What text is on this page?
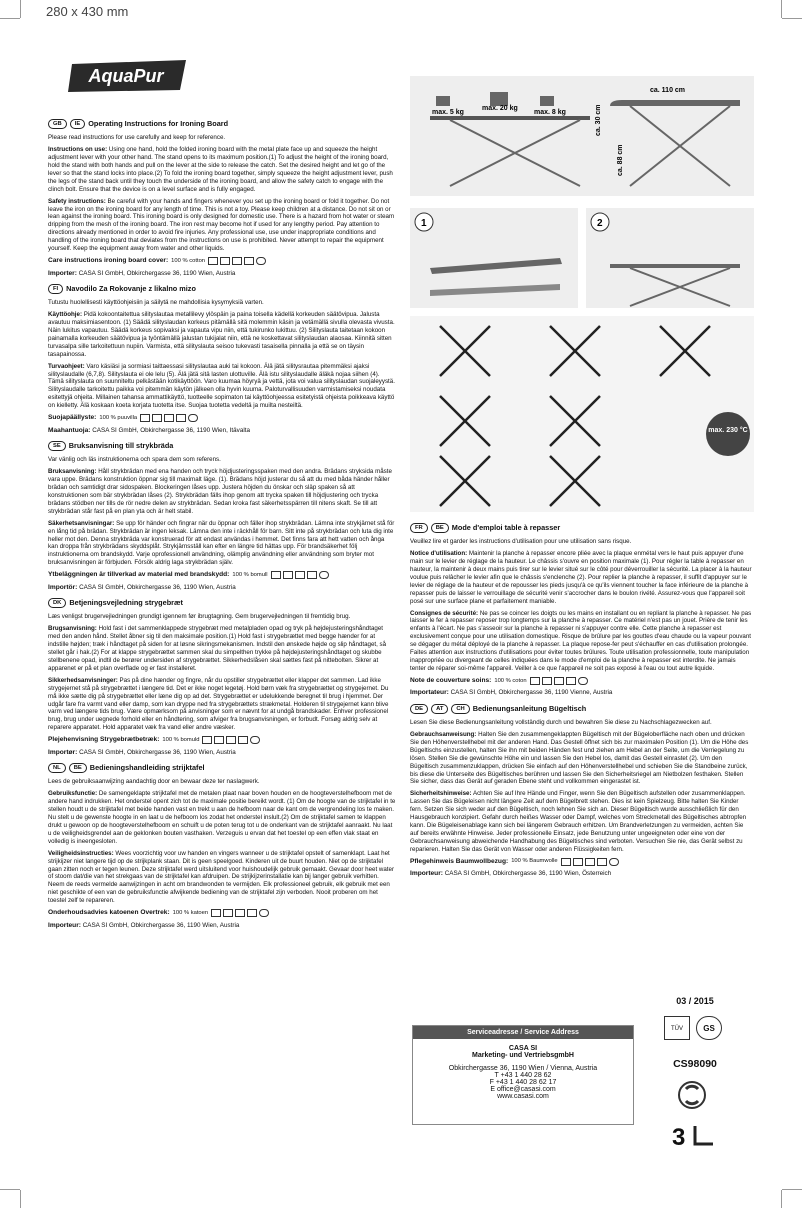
280 x 430 mm
AquaPur
GB	IE	Operating Instructions for Ironing Board

Please read instructions for use carefully and keep for reference.

Instructions on use: Using one hand, hold the folded ironing board with the metal plate face up and squeeze the height adjustment lever with your other hand. The stand opens to its maximum position.(1) To adjust the height of the ironing board, hold the stand with both hands and pull on the lever at the side to release the catch. Set the desired height and let go of the lever so that the stand locks into place.(2) To fold the ironing board together, simply squeeze the height adjustment lever, push the legs of the stand back until they touch the underside of the ironing board, and allow the safety catch to engage with the clinch bolt. Ensure that the device is on a level surface and is fully engaged.

Safety instructions: Be careful with your hands and fingers whenever you set up the ironing board or fold it together. Do not leave the iron on the ironing board for any length of time. This is not a toy. Please keep children at a distance. Do not sit on or lean against the ironing board. This ironing board is only designed for domestic use. There is a hazard from hot water or steam dripping from the mesh of the ironing board. The iron rest may become hot if used for any lengthy period. Pay attention to directions already mentioned in order to avoid fire injuries. Any professional use, use under inappropriate conditions and handling of the ironing board that deviates from the instructions on use is prohibited. Never attempt to repair the equipment yourself. Keep the equipment away from water and other liquids.

Care instructions ironing board cover: 100 % cotton
Importer: CASA SI GmbH, Obkirchergasse 36, 1190 Wien, Austria
FI	Navodilo Za Rokovanje z likalno mizo

Tutustu huolellisesti käyttöohjeisiin ja säilytä ne mahdollisia kysymyksiä varten.

Käyttöohje: Pidä kokoontaitettua silityslautaa metallilevy ylöspäin ja paina toisella kädellä korkeuden säätövipua. Jalusta avautuu maksimiasentoon. (1) Säädä silityslaudan korkeus pitämällä sitä molemmin käsin ja vetämällä sivulla olevasta vivusta. Näin lukitus vapautuu. Säädä korkeus sopivaksi ja vapauta vipu niin, että tukirunko lukittuu. (2) Silityslauta taitetaan kokoon painamalla korkeuden säätövipua ja työntämällä jalustan tukijalat niin, että ne koskettavat silityslaudan alaosaa. Kiinnitä sitten turvasalpa sille tarkoitettuun nupiin. Varmista, että silityslauta seisoo tukevasti tasaisella pinnalla ja että se on täysin tasapainossa.

Turvaohjeet: Varo käsiäsi ja sormiasi taittaessasi silityslautaa auki tai kokoon. Älä jätä silitysrautaa pitemmäksi ajaksi silityslaudalle (6,7,8). Silityslauta ei ole lelu (5). Älä jätä sitä lasten ulottuville. Älä istu silityslaudalle äläkä nojaa siihen (4). Tämä silityslauta on suunniteltu pelkästään kotikäyttöön. Varo kuumaa höyryä ja vettä, jota voi valua silityslaudan suojaleyystä. Silityslaudalle tarkoitettu paikka voi pitemmän käytön jälkeen olla hyvin kuuma. Paloturvallisuuden varmistamiseksi noudata esitettyjä ohjeita. Millainen tahansa ammattikäyttö, tuotteelle sopimaton tai käyttöohjeessa esitetyistä ohjeista poikkeava käyttö on kielletty. Älä koskaan koeta korjata tuotetta itse. Suojaa tuotetta vedeltä ja muilta nesteiltä.

Suojapäällyste: 100 % puuvilla
Maahantuoja: CASA SI GmbH, Obkirchergasse 36, 1190 Wien, Itävalta
SE	Bruksanvisning till strykbräda

Var vänlig och läs instruktionerna och spara dem som referens.

Bruksanvisning: Håll strykbrädan med ena handen och tryck höjdjusteringsspaken med den andra. Brädans stryksida måste vara uppe. Brädans konstruktion öppnar sig till maximalt läge. (1). Brädans höjd justerar du så att du med båda händer håller brädan och samtidigt drar sidospaken. Blockeringen låses upp. Justera höjden du önskar och släp spaken så att konstruktionen som bär strykbrädan låses (2). Strykbrädan fälls ihop genom att trycka spaken till höjdjustering och trycka brädans stödben ner tills de rör nedre delen av strykbrädan. Sedan kroka fast säkerhetsspärren till nitens skaft. Se till att strykbrädan står fast på en plan yta och är helt stabil.

Säkerhetsanvisningar: Se upp för händer och fingrar när du öppnar och fäller ihop strykbrädan. Lämna inte strykjärnet stå för en lång tid på brädan. Strykbrädan är ingen leksak. Lämna den inte i räckhåll för barn. Sitt inte på strykbrädan och luta dig inte heller mot den. Denna strykbräda var konstruerad för att endast användas i hemmet. Det finns fara att hett vatten och ånga kan droppa från strykbrädans skyddsplåt. Strykjärnsställ kan efter en längre tid hättas upp. För brandsäkerhet följ instruktionerna om brandskydd. Varje oprofessionell användning, olämplig användning eller användning som bryter mot bruksanvisningen är förbjuden. Försök aldrig laga strykbrädan själv.

Ytbeläggningen är tillverkad av material med brandskydd: 100 % bomull
Importör: CASA SI GmbH, Obkirchergasse 36, 1190 Wien, Austria
DK	Betjeningsvejledning strygebræt

Læs venligst brugervejledningen grundigt igennem før ibrugtagning. Gem brugervejledningen til fremtidig brug.

Brugsanvisning: Hold fast i det sammenklappede strygebræt med metalpladen opad og tryk på højdejusteringshåndtaget med den anden hånd. Stellet åbner sig til den maksimale position.(1) Hold fast i strygebrættet med begge hænder for at indstille højden; træk i håndtaget på siden for at løsne sikringsmekanismen. Indstil den ønskede højde og slip håndtaget, så stellet går i hak.(2) For at klappe strygebrættet sammen skal du simpelthen trykke på højdejusteringshåndtaget og skubbe stellbenene opad, indtil de berører undersiden af strygebrættet. Sikkerhedslåsen skal sættes fast på nittebolten. Sikrer at apparenet er på et plan overflade og er fast installeret.

Sikkerhedsanvisninger: Pas på dine hænder og fingre, når du opstiller strygebrættet eller klapper det sammen. Lad ikke strygejernet stå på strygebrættet i længere tid. Det er ikke noget legetøj. Hold børn væk fra strygebrættet og strygejernet. Du må ikke sætte dig på strygebrættet eller læne dig op ad det. Strygebrættet er udelukkende beregnet til brug i hjemmet. Der udgår fare fra varmt vand eller damp, som kan dryppe ned fra strygebrættets strækmetal. Holderen til strygejernet kann blive varm ved længere tids brug. Være opmærksom på anvisninger som er nævnt for at undgå brandskader. Enhver professionel brug, brug under uegnede forhold eller en håndtering, som afviger fra brugsanvisningen, er forbudt. Forsøg aldrig selv at reparere apparatet. Hold apparatet væk fra vand eller andre væsker.

Plejehenvisning Strygebrætbetræk: 100 % bomuld
Importør: CASA SI GmbH, Obkirchergasse 36, 1190 Wien, Austria
NL	BE	Bedieningshandleiding strijktafel

Lees de gebruiksaanwijzing aandachtig door en bewaar deze ter naslagwerk.

Gebruiksfunctie: De samengeklapte strijktafel met de metalen plaat naar boven houden en de hoogteverstelhefboom met de andere hand indrukken. Het onderstel opent zich tot de maximale positie bereikt wordt. (1) Om de hoogte van de strijktafel in te stellen houdt u de strijktafel met beide handen vast en trekt u aan de hefboom naar de kant om de vergrendeling los te maken. Nu stelt u de gewenste hoogte in en laat u de hefboom los zodat het onderstel inslult.(2) Om de strijktafel samen te klappen drukt u gewoon op de hoogteverstelhefboom en schuift u de poten terug tot u de onderkant van de strijktafel aanraakt. Nu laat u de veiligheidsgrendel aan de geklonken bouten vasthaken. Verzeguis u ervan dat het toestel op een effen vlak staat en volledig is ineengesloten.

Veiligheidsinstructies: Wees voorzichtig voor uw handen en vingers wanneer u de strijktafel opstelt of samenklapt. Laat het strijkijzer niet langere tijd op de strijkplank staan. Dit is geen speelgoed. Kinderen uit de buurt houden. Niet op de strijktafel gaan zitten noch er tegen leunen. Deze strijktafel werd uitsluitend voor huishoudelijk gebruik gemaakt. Gevaar door heet water of stoom dat/die van het strekgaas van de strijktafel kan afdruipen. De strijkijzerinstallatie kan bij langer gebruik verhitten. Neem de reeds vermelde aanwijzingen in acht om brandwonden te vermijden. Elk professioneel gebruik, elk gebruik met een niet geschikte of een van de gebruiksfunctie afwijkende bediening van de strijktafel zijn verboden. Nooit proberen om het toestel zelf te repareren.

Onderhoudsadvies katoenen Overtrek: 100 % katoen
Importeur: CASA SI GmbH, Obkirchergasse 36, 1190 Wien, Austria
FR	BE	Mode d'emploi table à repasser

Veuillez lire et garder les instructions d'utilisation pour une utilisation sans risque.

Notice d'utilisation: Maintenir la planche à repasser encore pliée avec la plaque enmétal vers le haut puis appuyer d'une main sur le levier de réglage de la hauteur. Le châssis s'ouvre en position maximale (1). Pour régler la table à repasser en hauteur, la maintenir à deux mains puis tirer sur le levier situé sur le côté pour déverrouiller la sécurité. La placer à la hauteur voulue puis relâcher le levier afin que le châssis s'enclenche (2). Pour replier la planche à repasser, il suffit d'appuyer sur le levier de réglage de la hauteur et de repousser les pieds jusqu'à ce qu'ils viennent toucher la face inférieure de la planche à repasser puis de laisser le verrouillage de sécurité venir s'accrocher dans le boulon rivété. Assurez-vous que l'appareil soit posé sur une surface plane et parfaitement maniable.

Consignes de sécurité: Ne pas se coincer les doigts ou les mains en installant ou en repliant la planche à repasser. Ne pas laisser le fer à repasser reposer trop longtemps sur la planche à repasser. Ce matériel n'est pas un jouet. Prière de tenir les enfants à l'écart. Ne pas s'asseoir sur la planche à repasser ni s'appuyer contre elle. Cette planche à repasser est exclusivement conçue pour une utilisation domestique. Risque de brûlure par les gouttes d'eau chaude ou la vapeur pouvant se dégager du métal déployé de la planche à repasser. La plaque repose-fer peut s'échauffer en cas d'utilisation prolongée. Faites attention aux instructions d'utilisations pour éviter toutes brûlures. Toute utilisation professionnelle, toute manipulation inappropriée ou divergeant de celles indiquées dans le mode d'emploi de la planche à repasser est interdite. Ne jamais tenter de réparer soi-même l'appareil. Veiller à ce que l'appareil ne soit pas exposé à l'eau ou tout autre liquide.

Note de couverture soins: 100 % coton
Importateur: CASA SI GmbH, Obkirchergasse 36, 1190 Vienne, Austria
DE	AT	CH	Bedienungsanleitung Bügeltisch

Lesen Sie diese Bedienungsanleitung vollständig durch und bewahren Sie diese zu Nachschlagezwecken auf.

Gebrauchsanweisung: Halten Sie den zusammengeklappten Bügeltisch mit der Bügeloberfläche nach oben und drücken Sie den Höhenverstellhebel mit der anderen Hand. Das Gestell öffnet sich bis zur maximalen Position (1). Um die Höhe des Bügeltischs einzustellen, halten Sie ihn mit beiden Händen fest und ziehen am Hebel an der Seite, um die Verriegelung zu lösen. Stellen Sie die gewünschte Höhe ein und lassen Sie den Hebel los, damit das Gestell einrastet (2). Um den Bügeltisch zusammenzuklappen, drücken Sie einfach auf den Höhenverstellhebel und schieben Sie die Standbeine zurück, bis diese die Unterseite des Bügeltisches berühren und lassen Sie den Sicherheitsriegel am Nietbolzen festhaken. Stellen Sie sicher, dass das Gerät auf geraden Ebene steht und vollkommen eingerastet ist.

Sicherheitshinweise: Achten Sie auf Ihre Hände und Finger, wenn Sie den Bügeltisch aufstellen oder zusammenklappen. Lassen Sie das Bügeleisen nicht längere Zeit auf dem Bügelbrett stehen. Dies ist kein Spielzeug. Bitte halten Sie Kinder fern. Setzen Sie sich weder auf den Bügeltisch, noch lehnen Sie sich an. Dieser Bügeltisch wurde ausschließlich für den Hausgebrauch konzipiert. Gefahr durch heißes Wasser oder Dampf, welches vom Streckmetall des Bügeltisches abtropfen kann. Die Bügeleisenablage kann sich bei längerem Gebrauch erhitzen. Um Brandverletzungen zu vermeiden, achten Sie auf bereits erwähnte Hinweise. Jeder professionelle Einsatz, jede Benutzung unter ungeeigneten oder eine von der Gebrauchsanweisung abweichende Handhabung des Bügeltisches sind verboten. Versuchen Sie nie, das Gerät selbst zu reparieren. Halten Sie das Gerät von Wasser oder anderen Flüssigkeiten fern.

Pflegehinweis Baumwollbezug: 100 % Baumwolle
Importeur: CASA SI GmbH, Obkirchergasse 36, 1190 Wien, Österreich
max. 5 kg
max. 20 kg
max. 8 kg
ca. 110 cm
ca. 30 cm
ca. 88 cm
1	2
max. 230 °C
03 / 2015
Serviceadresse / Service Address
CASA SI
Marketing- und VertriebsgmbH
Obkirchergasse 36, 1190 Wien / Vienna, Austria
T +43 1 440 28 62
F +43 1 440 28 62 17
E office@casasi.com
www.casasi.com
TÜV	GS
CS98090
3
